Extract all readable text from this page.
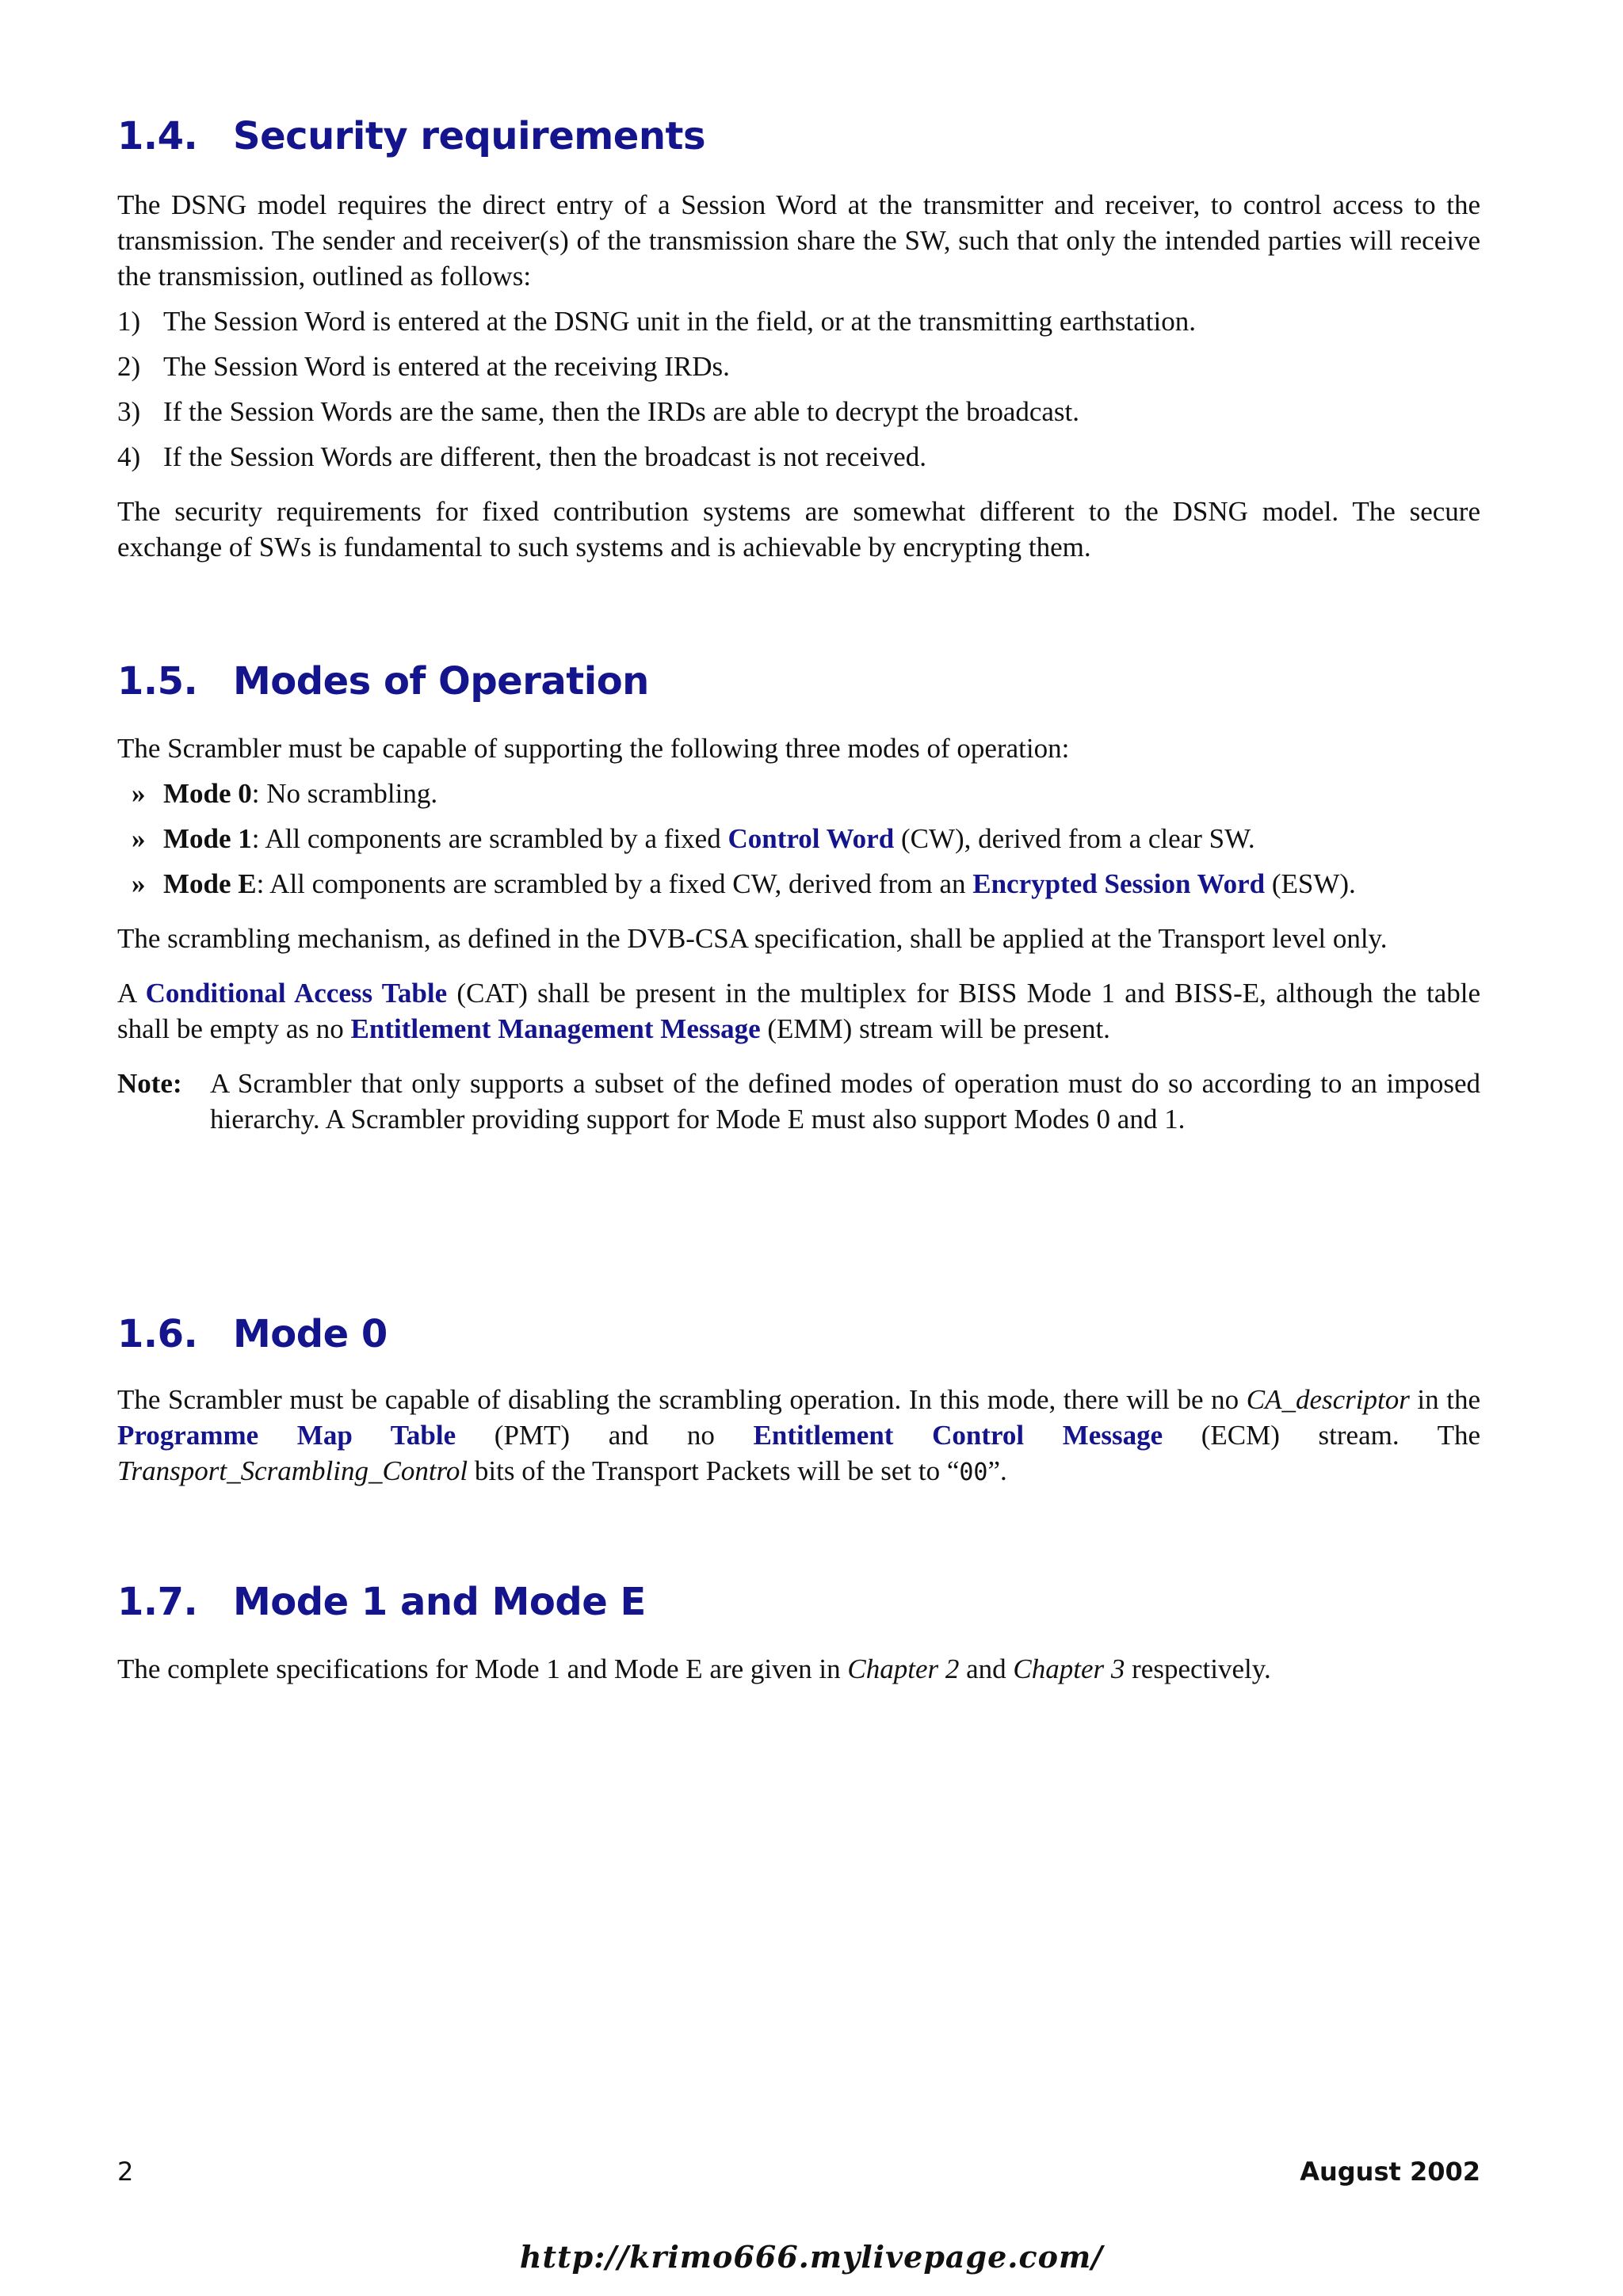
1.4. Security requirements

The DSNG model requires the direct entry of a Session Word at the transmitter and receiver, to control access to the transmission. The sender and receiver(s) of the transmission share the SW, such that only the intended parties will receive the transmission, outlined as follows:

1) The Session Word is entered at the DSNG unit in the field, or at the transmitting earthstation.
2) The Session Word is entered at the receiving IRDs.
3) If the Session Words are the same, then the IRDs are able to decrypt the broadcast.
4) If the Session Words are different, then the broadcast is not received.

The security requirements for fixed contribution systems are somewhat different to the DSNG model. The secure exchange of SWs is fundamental to such systems and is achievable by encrypting them.

1.5. Modes of Operation

The Scrambler must be capable of supporting the following three modes of operation:

» Mode 0: No scrambling.
» Mode 1: All components are scrambled by a fixed Control Word (CW), derived from a clear SW.
» Mode E: All components are scrambled by a fixed CW, derived from an Encrypted Session Word (ESW).

The scrambling mechanism, as defined in the DVB-CSA specification, shall be applied at the Transport level only.

A Conditional Access Table (CAT) shall be present in the multiplex for BISS Mode 1 and BISS-E, although the table shall be empty as no Entitlement Management Message (EMM) stream will be present.

Note: A Scrambler that only supports a subset of the defined modes of operation must do so according to an imposed hierarchy. A Scrambler providing support for Mode E must also support Modes 0 and 1.
1.6. Mode 0

The Scrambler must be capable of disabling the scrambling operation. In this mode, there will be no CA_descriptor in the Programme Map Table (PMT) and no Entitlement Control Message (ECM) stream. The Transport_Scrambling_Control bits of the Transport Packets will be set to “00”.

1.7. Mode 1 and Mode E

The complete specifications for Mode 1 and Mode E are given in Chapter 2 and Chapter 3 respectively.

2	August 2002
http://krimo666.mylivepage.com/
